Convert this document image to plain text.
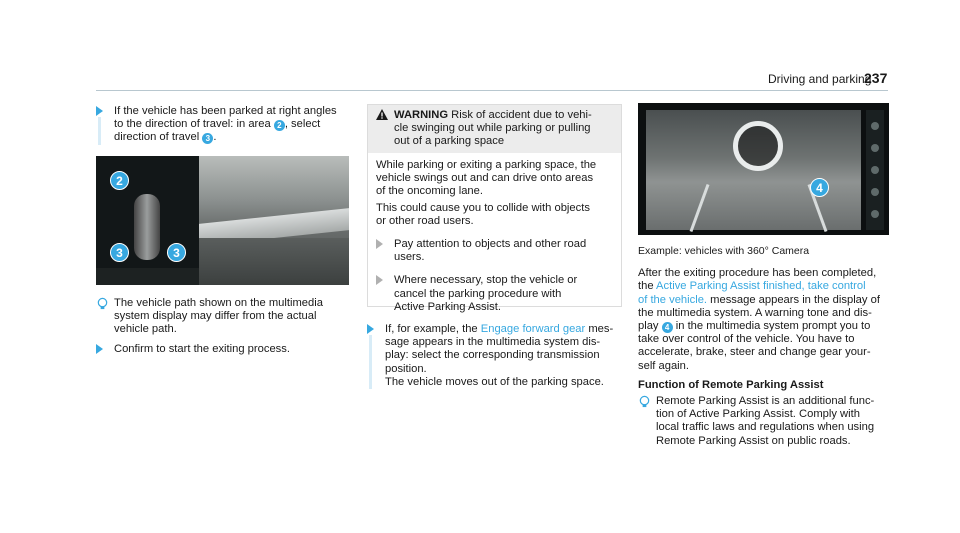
Driving and parking
237
If the vehicle has been parked at right angles
to the direction of travel: in area 2 , select
direction of travel 3 .
2
3	3
The vehicle path shown on the multimedia
system display may differ from the actual
vehicle path.
Confirm to start the exiting process.
WARNING Risk of accident due to vehi-
cle swinging out while parking or pulling
out of a parking space
While parking or exiting a parking space, the
vehicle swings out and can drive onto areas
of the oncoming lane.
This could cause you to collide with objects
or other road users.
Pay attention to objects and other road
users.
Where necessary, stop the vehicle or
cancel the parking procedure with
Active Parking Assist.
If, for example, the Engage forward gear mes-
sage appears in the multimedia system dis-
play: select the corresponding transmission
position.
The vehicle moves out of the parking space.
4
Example: vehicles with 360° Camera
After the exiting procedure has been completed,
the Active Parking Assist finished, take control
of the vehicle. message appears in the display of
the multimedia system. A warning tone and dis-
play 4 in the multimedia system prompt you to
take over control of the vehicle. You have to
accelerate, brake, steer and change gear your-
self again.
Function of Remote Parking Assist
Remote Parking Assist is an additional func-
tion of Active Parking Assist. Comply with
local traffic laws and regulations when using
Remote Parking Assist on public roads.
